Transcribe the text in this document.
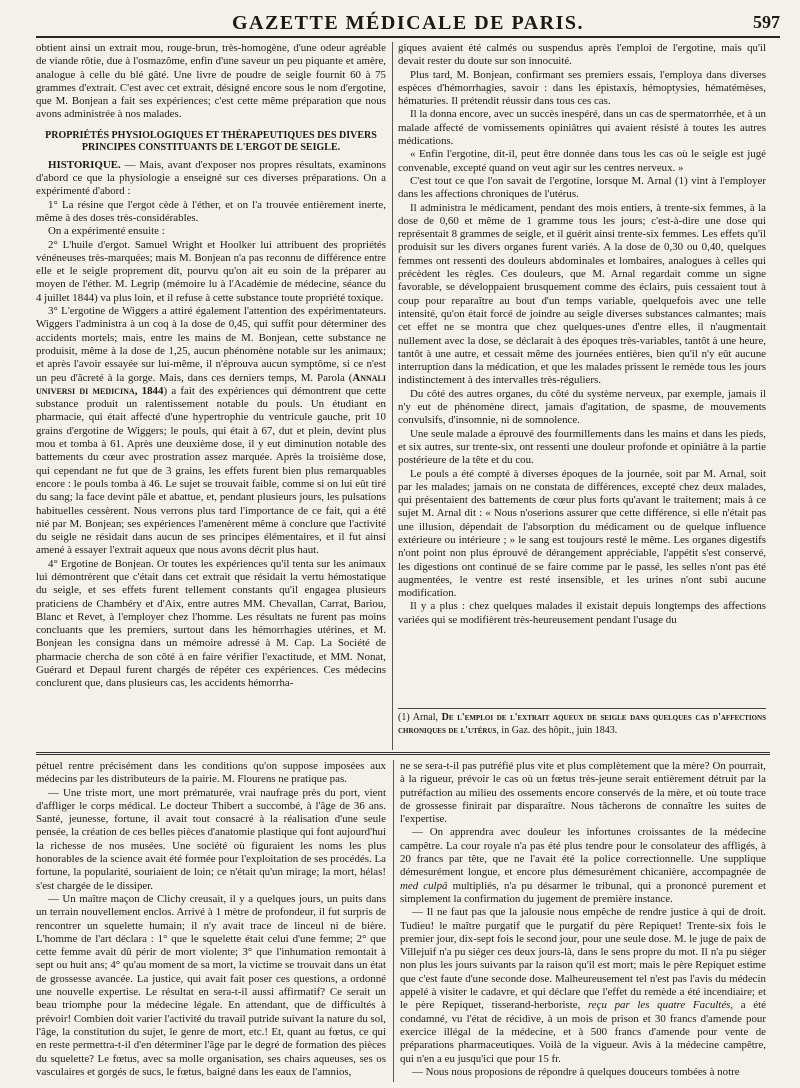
GAZETTE MÉDICALE DE PARIS.	597

obtient ainsi un extrait mou, rouge-brun, très-homogène, d'une odeur agréable de viande rôtie, due à l'osmazôme, enfin d'une saveur un peu piquante et amère, analogue à celle du blé gâté. Une livre de poudre de seigle fournit 60 à 75 grammes d'extrait. C'est avec cet extrait, désigné encore sous le nom d'ergotine, que M. Bonjean a fait ses expériences; c'est cette même préparation que nous avons administrée à nos malades.

PROPRIÉTÉS PHYSIOLOGIQUES ET THÉRAPEUTIQUES DES DIVERS PRINCIPES CONSTITUANTS DE L'ERGOT DE SEIGLE.

HISTORIQUE. — Mais, avant d'exposer nos propres résultats, examinons d'abord ce que la physiologie a enseigné sur ces diverses préparations. On a expérimenté d'abord :

1° La résine que l'ergot cède à l'éther, et on l'a trouvée entièrement inerte, même à des doses très-considérables.

On a expérimenté ensuite :

2° L'huile d'ergot. Samuel Wright et Hoolker lui attribuent des propriétés vénéneuses très-marquées; mais M. Bonjean n'a pas reconnu de différence entre elle et le seigle proprement dit, pourvu qu'on ait eu soin de la préparer au moyen de l'éther. M. Legrip (mémoire lu à l'Académie de médecine, séance du 4 juillet 1844) va plus loin, et il refuse à cette substance toute propriété toxique.

3° L'ergotine de Wiggers a attiré également l'attention des expérimentateurs. Wiggers l'administra à un coq à la dose de 0,45, qui suffit pour déterminer des accidents mortels; mais, entre les mains de M. Bonjean, cette substance ne produisit, même à la dose de 1,25, aucun phénomène notable sur les animaux; et après l'avoir essayée sur lui-même, il n'éprouva aucun symptôme, si ce n'est un peu d'âcreté à la gorge. Mais, dans ces derniers temps, M. Parola (Annali universi di medicina, 1844) a fait des expériences qui démontrent que cette substance produit un ralentissement notable du pouls. Un étudiant en pharmacie, qui était affecté d'une hypertrophie du ventricule gauche, prit 10 grains d'ergotine de Wiggers; le pouls, qui était à 67, dut et plein, devint plus mou et tomba à 61. Après une deuxième dose, il y eut diminution notable des battements du cœur avec prostration assez marquée. Après la troisième dose, qui cependant ne fut que de 3 grains, les effets furent bien plus remarquables encore : le pouls tomba à 46. Le sujet se trouvait faible, comme si on lui eût tiré du sang; la face devint pâle et abattue, et, pendant plusieurs jours, les pulsations habituelles cessèrent. Nous verrons plus tard l'importance de ce fait, qui a été nié par M. Bonjean; ses expériences l'amenèrent même à conclure que l'activité du seigle ne résidait dans aucun de ses principes élémentaires, et il fut ainsi amené à essayer l'extrait aqueux que nous avons décrit plus haut.

4° Ergotine de Bonjean. Or toutes les expériences qu'il tenta sur les animaux lui démontrèrent que c'était dans cet extrait que résidait la vertu hémostatique du seigle, et ses effets furent tellement constants qu'il engagea plusieurs praticiens de Chambéry et d'Aix, entre autres MM. Chevallan, Carrat, Bariou, Blanc et Revet, à l'employer chez l'homme. Les résultats ne furent pas moins concluants que les premiers, surtout dans les hémorrhagies utérines, et M. Bonjean les consigna dans un mémoire adressé à M. Cap. La Société de pharmacie chercha de son côté à en faire vérifier l'exactitude, et MM. Nonat, Guérard et Depaul furent chargés de répéter ces expériences. Ces médecins conclurent que, dans plusieurs cas, les accidents hémorrha-

giques avaient été calmés ou suspendus après l'emploi de l'ergotine, mais qu'il devait rester du doute sur son innocuité.

Plus tard, M. Bonjean, confirmant ses premiers essais, l'employa dans diverses espèces d'hémorrhagies, savoir : dans les épistaxis, hémoptysies, hématémèses, hématuries. Il prétendit réussir dans tous ces cas.

Il la donna encore, avec un succès inespéré, dans un cas de spermatorrhée, et à un malade affecté de vomissements opiniâtres qui avaient résisté à toutes les autres médications.

« Enfin l'ergotine, dit-il, peut être donnée dans tous les cas où le seigle est jugé convenable, excepté quand on veut agir sur les centres nerveux. »

C'est tout ce que l'on savait de l'ergotine, lorsque M. Arnal (1) vint à l'employer dans les affections chroniques de l'utérus.

Il administra le médicament, pendant des mois entiers, à trente-six femmes, à la dose de 0,60 et même de 1 gramme tous les jours; c'est-à-dire une dose qui représentait 8 grammes de seigle, et il guérit ainsi trente-six femmes. Les effets qu'il produisit sur les divers organes furent variés. A la dose de 0,30 ou 0,40, quelques femmes ont ressenti des douleurs abdominales et lombaires, analogues à celles qui précèdent les règles. Ces douleurs, que M. Arnal regardait comme un signe favorable, se développaient brusquement comme des éclairs, puis cessaient tout à coup pour reparaître au bout d'un temps variable, quelquefois avec une telle intensité, qu'on était forcé de joindre au seigle diverses substances calmantes; mais cet effet ne se montra que chez quelques-unes d'entre elles, il n'augmentait nullement avec la dose, se déclarait à des époques très-variables, tantôt à une heure, tantôt à une autre, et cessait même des journées entières, bien qu'il n'y eût aucune interruption dans la médication, et que les malades prissent le remède tous les jours indistinctement à des intervalles très-réguliers.

Du côté des autres organes, du côté du système nerveux, par exemple, jamais il n'y eut de phénomène direct, jamais d'agitation, de spasme, de mouvements convulsifs, d'insomnie, ni de somnolence.

Une seule malade a éprouvé des fourmillements dans les mains et dans les pieds, et six autres, sur trente-six, ont ressenti une douleur profonde et opiniâtre à la partie postérieure de la tête et du cou.

Le pouls a été compté à diverses époques de la journée, soit par M. Arnal, soit par les malades; jamais on ne constata de différences, excepté chez deux malades, qui présentaient des battements de cœur plus forts qu'avant le traitement; mais à ce sujet M. Arnal dit : « Nous n'oserions assurer que cette différence, si elle n'était pas une illusion, dépendait de l'absorption du médicament ou de quelque influence extérieure ou intérieure ; » le sang est toujours resté le même. Les organes digestifs n'ont point non plus éprouvé de dérangement appréciable, l'appétit s'est conservé, les digestions ont continué de se faire comme par le passé, les selles n'ont pas été augmentées, le ventre est resté insensible, et les urines n'ont subi aucune modification.

Il y a plus : chez quelques malades il existait depuis longtemps des affections variées qui se modifièrent très-heureusement pendant l'usage du

(1) Arnal, De l'emploi de l'extrait aqueux de seigle dans quelques cas d'affections chroniques de l'utérus, in Gaz. des hôpit., juin 1843.

pétuel rentre précisément dans les conditions qu'on suppose imposées aux médecins par les distributeurs de la pairie. M. Flourens ne pratique pas.

— Une triste mort, une mort prématurée, vrai naufrage près du port, vient d'affliger le corps médical. Le docteur Thibert a succombé, à l'âge de 36 ans. Santé, jeunesse, fortune, il avait tout consacré à la réalisation d'une seule pensée, la création de ces belles pièces d'anatomie plastique qui font aujourd'hui la richesse de nos musées. Une société où figuraient les noms les plus honorables de la science avait été formée pour l'exploitation de ses procédés. La fortune, la popularité, souriaient de loin; ce n'était qu'un mirage; la mort, hélas! s'est chargée de le dissiper.

— Un maître maçon de Clichy creusait, il y a quelques jours, un puits dans un terrain nouvellement enclos. Arrivé à 1 mètre de profondeur, il fut surpris de rencontrer un squelette humain; il n'y avait trace de linceul ni de bière. L'homme de l'art déclara : 1° que le squelette était celui d'une femme; 2° que cette femme avait dû périr de mort violente; 3° que l'inhumation remontait à sept ou huit ans; 4° qu'au moment de sa mort, la victime se trouvait dans un état de grossesse avancée. La justice, qui avait fait poser ces questions, a ordonné une nouvelle expertise. Le résultat en sera-t-il aussi affirmatif? Ce serait un beau triomphe pour la médecine légale. En attendant, que de difficultés à prévoir! Combien doit varier l'activité du travail putride suivant la nature du sol, l'âge, la constitution du sujet, le genre de mort, etc.! Et, quant au fœtus, ce qui en reste permettra-t-il d'en déterminer l'âge par le degré de formation des pièces du squelette? Le fœtus, avec sa molle organisation, ses chairs aqueuses, ses os vasculaires et gorgés de sucs, le fœtus, baigné dans les eaux de l'amnios,

ne se sera-t-il pas putréfié plus vite et plus complètement que la mère? On pourrait, à la rigueur, prévoir le cas où un fœtus très-jeune serait entièrement détruit par la putréfaction au milieu des ossements encore conservés de la mère, et où toute trace de grossesse finirait par disparaître. Nous tâcherons de connaître les suites de l'expertise.

— On apprendra avec douleur les infortunes croissantes de la médecine campêtre. La cour royale n'a pas été plus tendre pour le consolateur des affligés, à 20 francs par tête, que ne l'avait été la police correctionnelle. Une supplique démesurément longue, et encore plus démesurément chicanière, accompagnée de med culpâ multipliés, n'a pu désarmer le tribunal, qui a prononcé purement et simplement la confirmation du jugement de première instance.

— Il ne faut pas que la jalousie nous empêche de rendre justice à qui de droit. Tudieu! le maître purgatif que le purgatif du père Repiquet! Trente-six fois le premier jour, dix-sept fois le second jour, pour une seule dose. M. le juge de paix de Villejuif n'a pu siéger ces deux jours-là, dans le sens propre du mot. Il n'a pu siéger non plus les jours suivants par la raison qu'il est mort; mais le père Repiquet estime que c'est faute d'une seconde dose. Malheureusement tel n'est pas l'avis du médecin appelé à visiter le cadavre, et qui déclare que l'effet du remède a été incendiaire; et le père Repiquet, tisserand-herboriste, reçu par les quatre Facultés, a été condamné, vu l'état de récidive, à un mois de prison et 30 francs d'amende pour exercice illégal de la médecine, et à 500 francs d'amende pour vente de préparations pharmaceutiques. Voilà de la vigueur. Avis à la médecine campêtre, qui n'en a eu jusqu'ici que pour 15 fr.

— Nous nous proposions de répondre à quelques douceurs tombées à notre
